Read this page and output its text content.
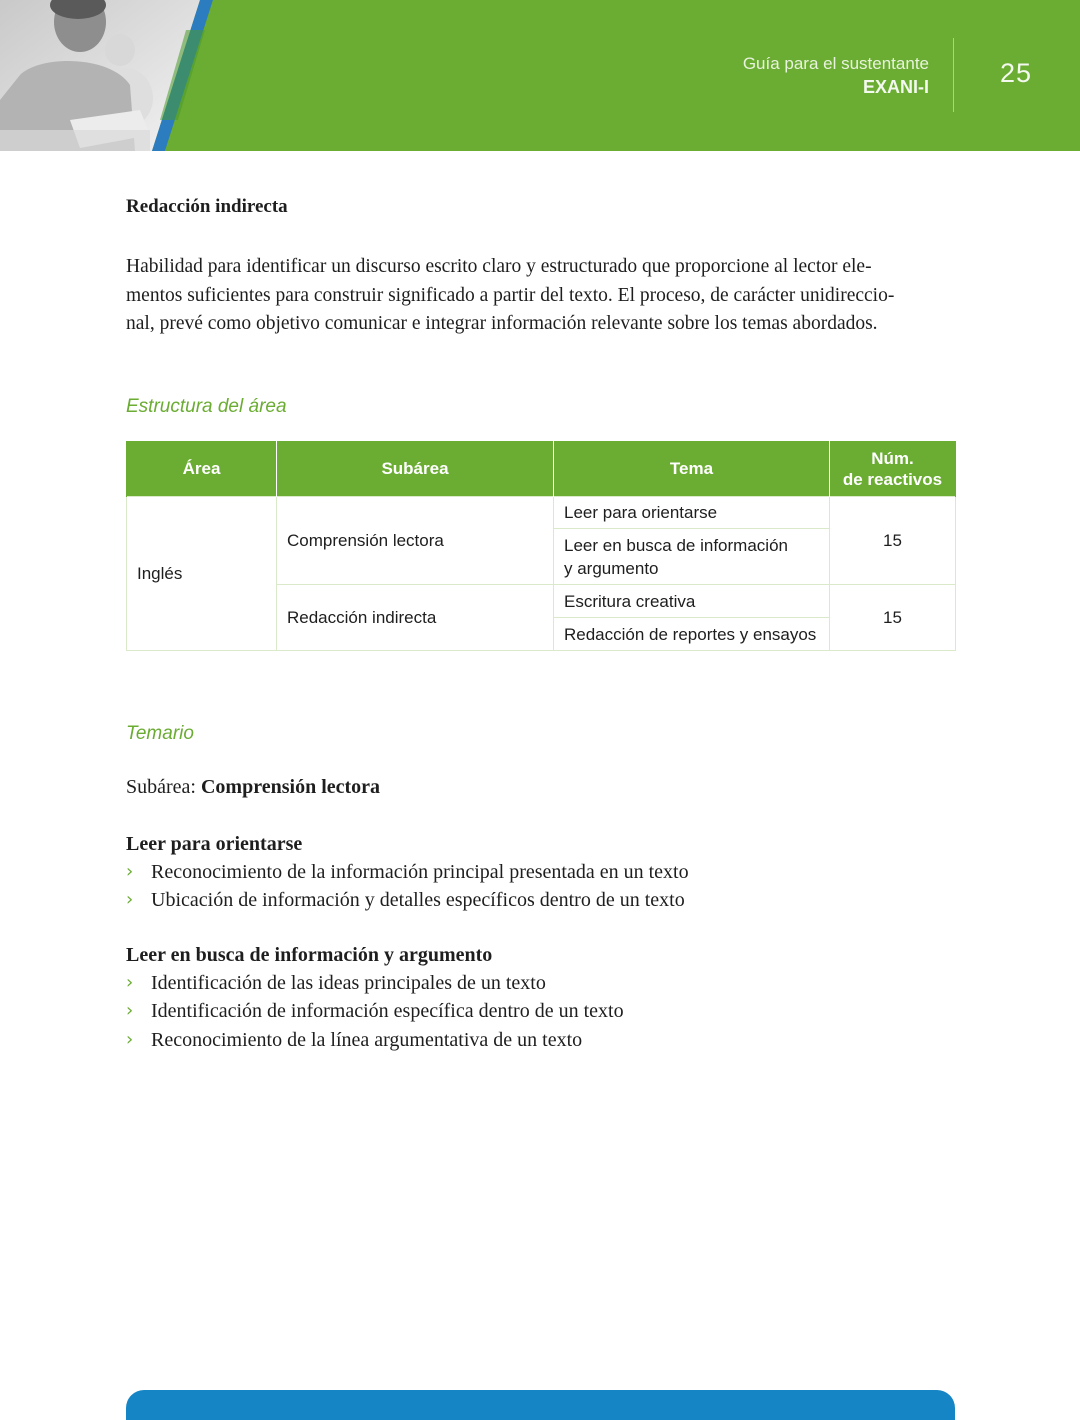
Guía para el sustentante
EXANI-I	25
Redacción indirecta
Habilidad para identificar un discurso escrito claro y estructurado que proporcione al lector ele-
mentos suficientes para construir significado a partir del texto. El proceso, de carácter unidireccio-
nal, prevé como objetivo comunicar e integrar información relevante sobre los temas abordados.
Estructura del área
Área	Subárea	Tema	Núm.
de reactivos
Inglés	Comprensión lectora	Leer para orientarse	15
		Leer en busca de información
y argumento	
	Redacción indirecta	Escritura creativa	15
		Redacción de reportes y ensayos	
Temario
Subárea: Comprensión lectora
Leer para orientarse
› Reconocimiento de la información principal presentada en un texto
› Ubicación de información y detalles específicos dentro de un texto
Leer en busca de información y argumento
› Identificación de las ideas principales de un texto
› Identificación de información específica dentro de un texto
› Reconocimiento de la línea argumentativa de un texto
